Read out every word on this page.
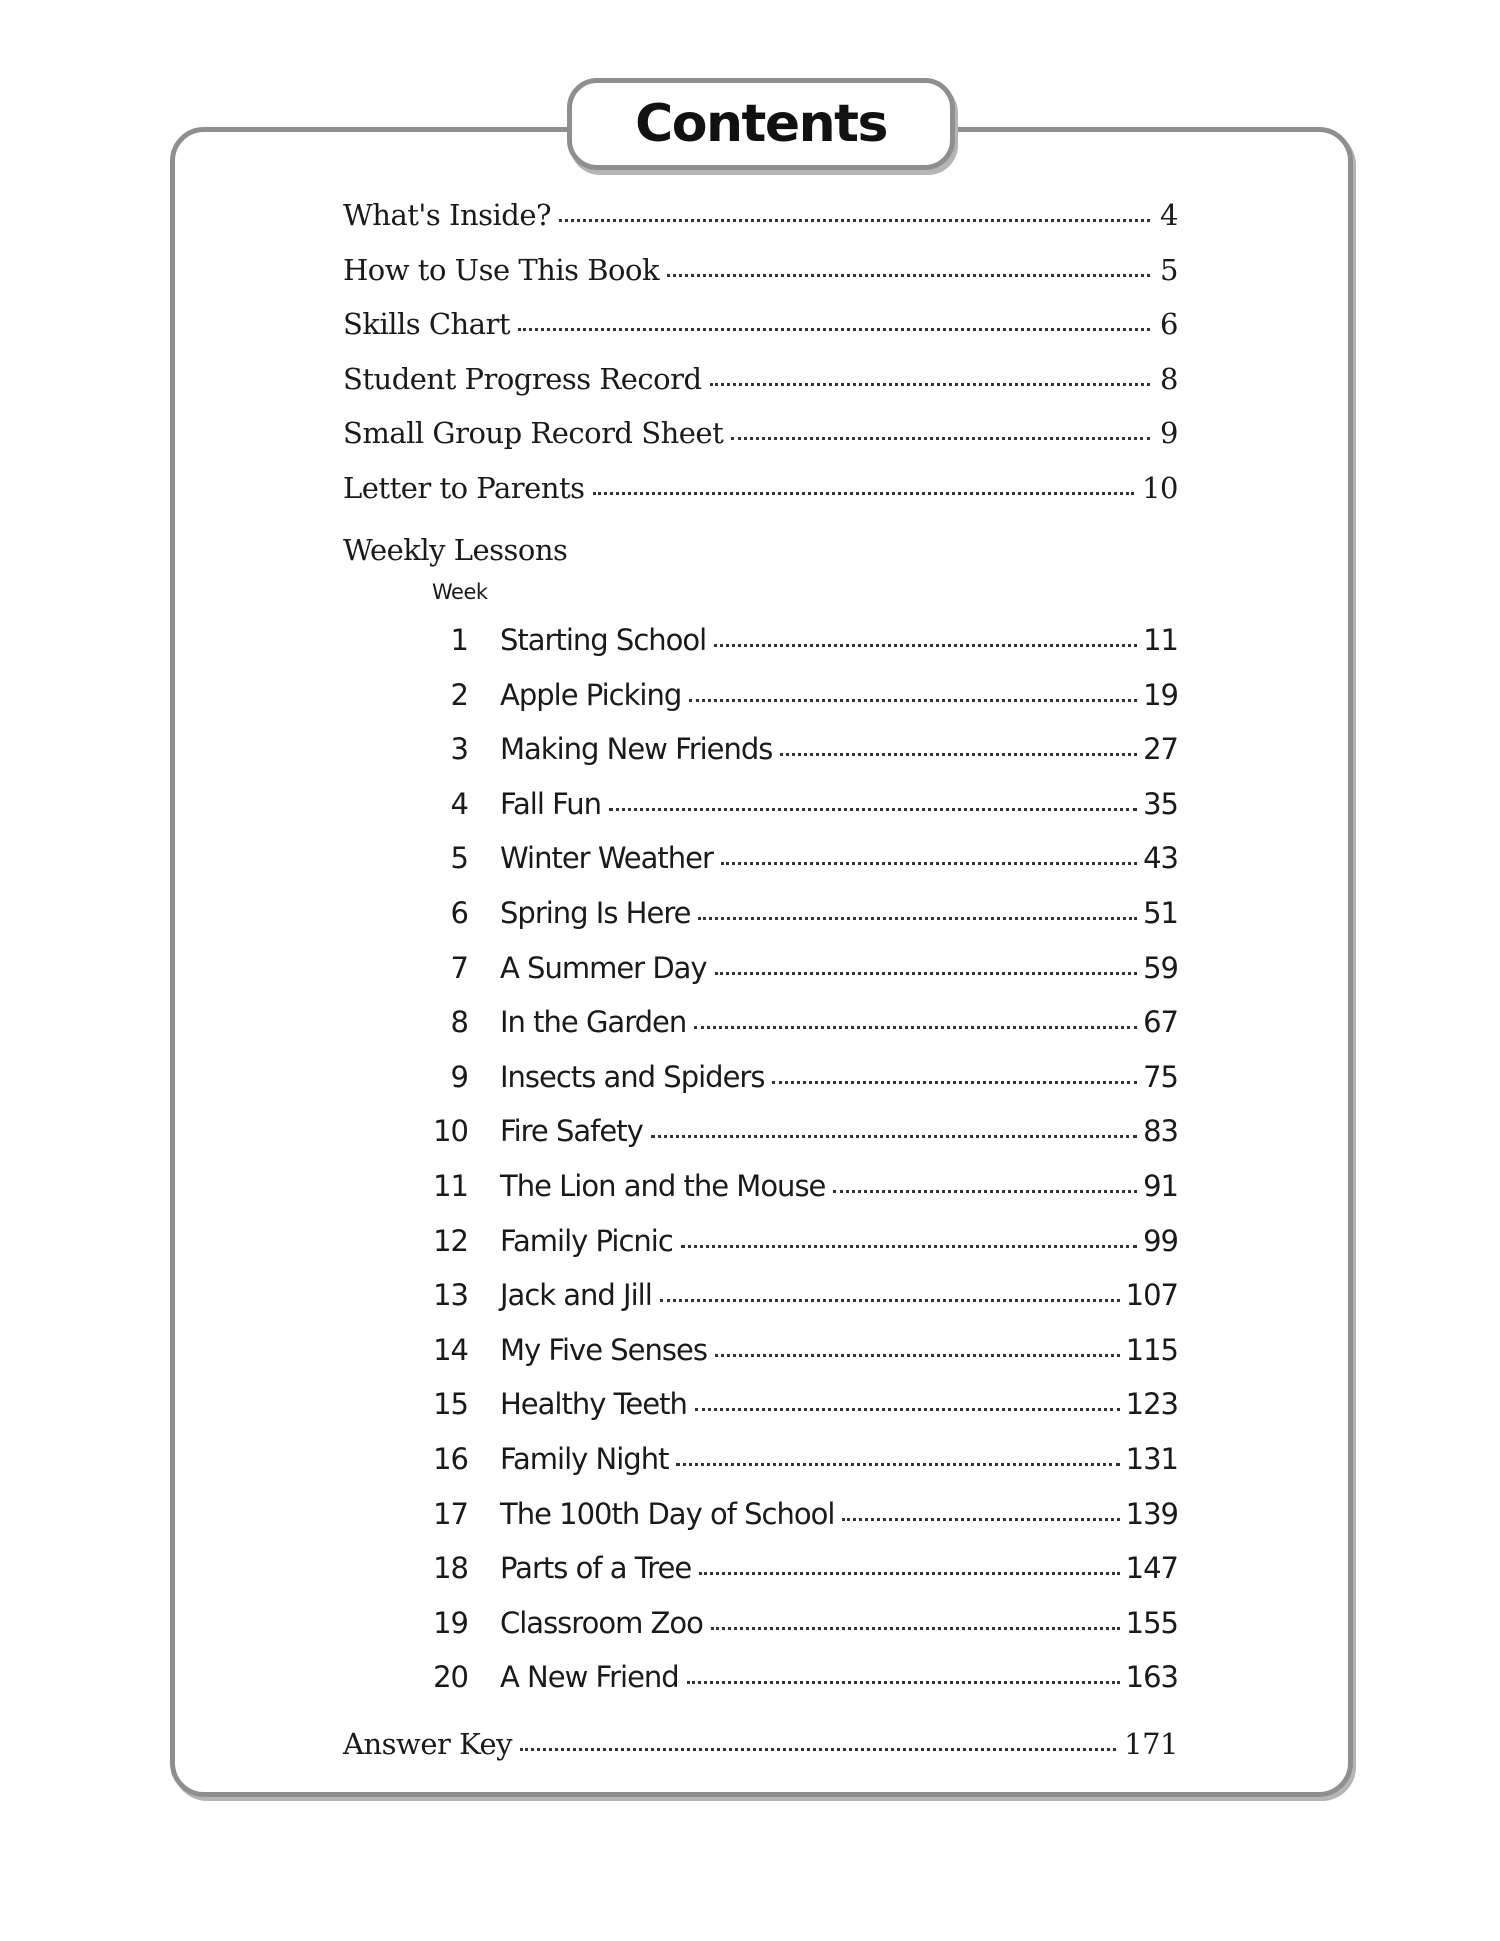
Contents
What's Inside?	4
How to Use This Book	5
Skills Chart	6
Student Progress Record	8
Small Group Record Sheet	9
Letter to Parents	10
Weekly Lessons
Week
1 Starting School	11
2 Apple Picking	19
3 Making New Friends	27
4 Fall Fun	35
5 Winter Weather	43
6 Spring Is Here	51
7 A Summer Day	59
8 In the Garden	67
9 Insects and Spiders	75
10 Fire Safety	83
11 The Lion and the Mouse	91
12 Family Picnic	99
13 Jack and Jill	107
14 My Five Senses	115
15 Healthy Teeth	123
16 Family Night	131
17 The 100th Day of School	139
18 Parts of a Tree	147
19 Classroom Zoo	155
20 A New Friend	163
Answer Key	171
